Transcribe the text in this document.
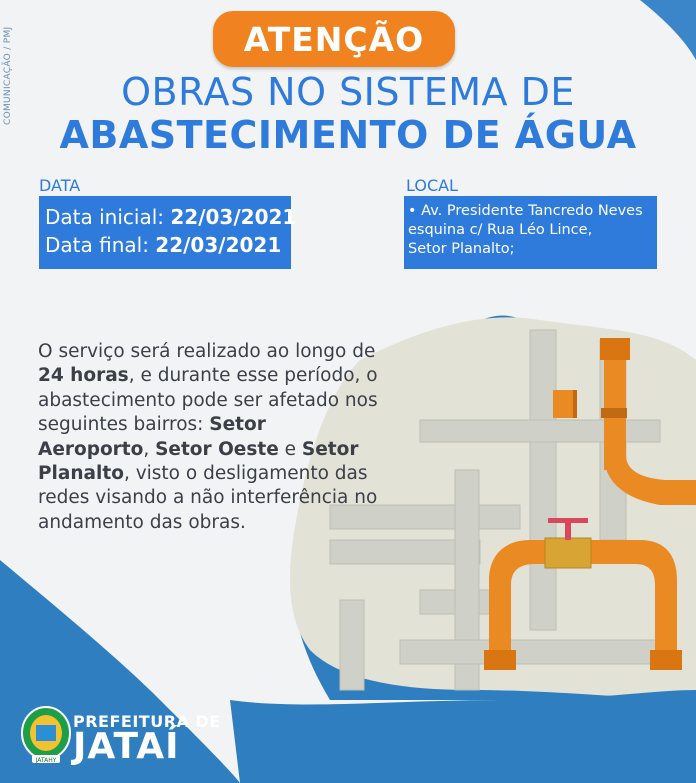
COMUNICAÇÃO / PMJ	ATENÇÃO
OBRAS NO SISTEMA DE
ABASTECIMENTO DE ÁGUA
DATA
Data inicial: 22/03/2021
Data final: 22/03/2021
LOCAL
• Av. Presidente Tancredo Neves
esquina c/ Rua Léo Lince,
Setor Planalto;
O serviço será realizado ao longo de 24 horas, e durante esse período, o abastecimento pode ser afetado nos seguintes bairros: Setor Aeroporto, Setor Oeste e Setor Planalto, visto o desligamento das redes visando a não interferência no andamento das obras.
JATAHY
PREFEITURA DE
JATAÍ
